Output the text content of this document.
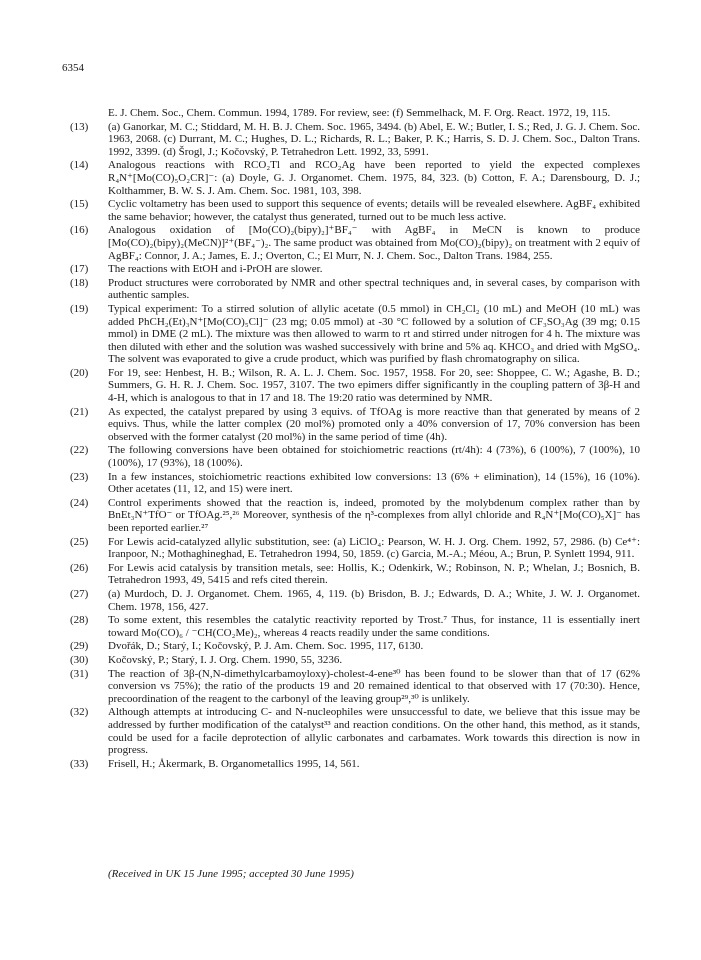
6354
E. J. Chem. Soc., Chem. Commun. 1994, 1789. For review, see: (f) Semmelhack, M. F. Org. React. 1972, 19, 115.
(13)	(a) Ganorkar, M. C.; Stiddard, M. H. B. J. Chem. Soc. 1965, 3494. (b) Abel, E. W.; Butler, I. S.; Red, J. G. J. Chem. Soc. 1963, 2068. (c) Durrant, M. C.; Hughes, D. L.; Richards, R. L.; Baker, P. K.; Harris, S. D. J. Chem. Soc., Dalton Trans. 1992, 3399. (d) Šrogl, J.; Kočovský, P. Tetrahedron Lett. 1992, 33, 5991.
(14)	Analogous reactions with RCO₂Tl and RCO₂Ag have been reported to yield the expected complexes R₄N⁺[Mo(CO)₅O₂CR]⁻: (a) Doyle, G. J. Organomet. Chem. 1975, 84, 323. (b) Cotton, F. A.; Darensbourg, D. J.; Kolthammer, B. W. S. J. Am. Chem. Soc. 1981, 103, 398.
(15)	Cyclic voltametry has been used to support this sequence of events; details will be revealed elsewhere. AgBF₄ exhibited the same behavior; however, the catalyst thus generated, turned out to be much less active.
(16)	Analogous oxidation of [Mo(CO)₂(bipy)₂]⁺BF₄⁻ with AgBF₄ in MeCN is known to produce [Mo(CO)₂(bipy)₂(MeCN)]²⁺(BF₄⁻)₂. The same product was obtained from Mo(CO)₂(bipy)₂ on treatment with 2 equiv of AgBF₄: Connor, J. A.; James, E. J.; Overton, C.; El Murr, N. J. Chem. Soc., Dalton Trans. 1984, 255.
(17)	The reactions with EtOH and i-PrOH are slower.
(18)	Product structures were corroborated by NMR and other spectral techniques and, in several cases, by comparison with authentic samples.
(19)	Typical experiment: To a stirred solution of allylic acetate (0.5 mmol) in CH₂Cl₂ (10 mL) and MeOH (10 mL) was added PhCH₂(Et)₃N⁺[Mo(CO)₅Cl]⁻ (23 mg; 0.05 mmol) at -30 °C followed by a solution of CF₃SO₃Ag (39 mg; 0.15 mmol) in DME (2 mL). The mixture was then allowed to warm to rt and stirred under nitrogen for 4 h. The mixture was then diluted with ether and the solution was washed successively with brine and 5% aq. KHCO₃ and dried with MgSO₄. The solvent was evaporated to give a crude product, which was purified by flash chromatography on silica.
(20)	For 19, see: Henbest, H. B.; Wilson, R. A. L. J. Chem. Soc. 1957, 1958. For 20, see: Shoppee, C. W.; Agashe, B. D.; Summers, G. H. R. J. Chem. Soc. 1957, 3107. The two epimers differ significantly in the coupling pattern of 3β-H and 4-H, which is analogous to that in 17 and 18. The 19:20 ratio was determined by NMR.
(21)	As expected, the catalyst prepared by using 3 equivs. of TfOAg is more reactive than that generated by means of 2 equivs. Thus, while the latter complex (20 mol%) promoted only a 40% conversion of 17, 70% conversion has been observed with the former catalyst (20 mol%) in the same period of time (4h).
(22)	The following conversions have been obtained for stoichiometric reactions (rt/4h): 4 (73%), 6 (100%), 7 (100%), 10 (100%), 17 (93%), 18 (100%).
(23)	In a few instances, stoichiometric reactions exhibited low conversions: 13 (6% + elimination), 14 (15%), 16 (10%). Other acetates (11, 12, and 15) were inert.
(24)	Control experiments showed that the reaction is, indeed, promoted by the molybdenum complex rather than by BnEt₃N⁺TfO⁻ or TfOAg.²⁵,²⁶ Moreover, synthesis of the η³-complexes from allyl chloride and R₄N⁺[Mo(CO)₅X]⁻ has been reported earlier.²⁷
(25)	For Lewis acid-catalyzed allylic substitution, see: (a) LiClO₄: Pearson, W. H. J. Org. Chem. 1992, 57, 2986. (b) Ce⁴⁺: Iranpoor, N.; Mothaghineghad, E. Tetrahedron 1994, 50, 1859. (c) Garcia, M.-A.; Méou, A.; Brun, P. Synlett 1994, 911.
(26)	For Lewis acid catalysis by transition metals, see: Hollis, K.; Odenkirk, W.; Robinson, N. P.; Whelan, J.; Bosnich, B. Tetrahedron 1993, 49, 5415 and refs cited therein.
(27)	(a) Murdoch, D. J. Organomet. Chem. 1965, 4, 119. (b) Brisdon, B. J.; Edwards, D. A.; White, J. W. J. Organomet. Chem. 1978, 156, 427.
(28)	To some extent, this resembles the catalytic reactivity reported by Trost.⁷ Thus, for instance, 11 is essentially inert toward Mo(CO)₆ / ⁻CH(CO₂Me)₂, whereas 4 reacts readily under the same conditions.
(29)	Dvořák, D.; Starý, I.; Kočovský, P. J. Am. Chem. Soc. 1995, 117, 6130.
(30)	Kočovský, P.; Starý, I. J. Org. Chem. 1990, 55, 3236.
(31)	The reaction of 3β-(N,N-dimethylcarbamoyloxy)-cholest-4-ene³⁰ has been found to be slower than that of 17 (62% conversion vs 75%); the ratio of the products 19 and 20 remained identical to that observed with 17 (70:30). Hence, precoordination of the reagent to the carbonyl of the leaving group²⁹,³⁰ is unlikely.
(32)	Although attempts at introducing C- and N-nucleophiles were unsuccessful to date, we believe that this issue may be addressed by further modification of the catalyst³³ and reaction conditions. On the other hand, this method, as it stands, could be used for a facile deprotection of allylic carbonates and carbamates. Work towards this direction is now in progress.
(33)	Frisell, H.; Åkermark, B. Organometallics 1995, 14, 561.
(Received in UK 15 June 1995; accepted 30 June 1995)
